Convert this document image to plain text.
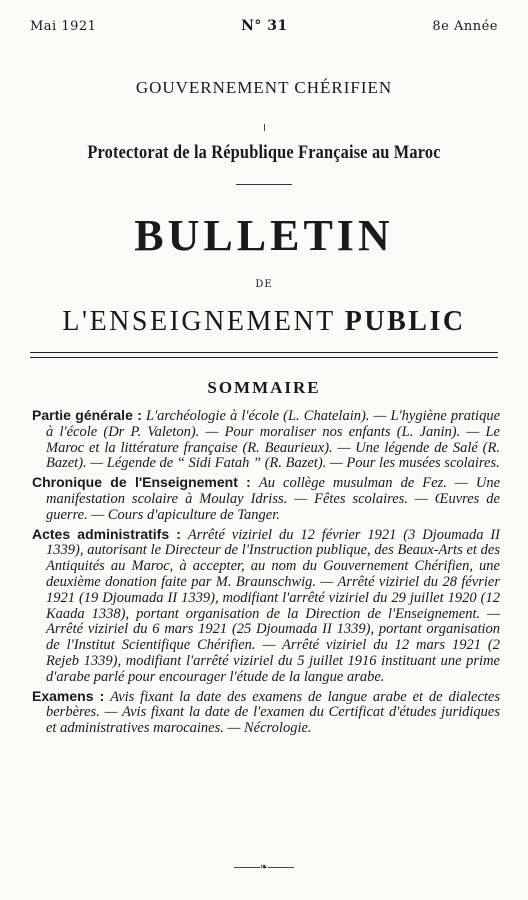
Mai 1921	N° 31	8e Année
GOUVERNEMENT CHÉRIFIEN
Protectorat de la République Française au Maroc
BULLETIN
DE
L'ENSEIGNEMENT PUBLIC
SOMMAIRE

Partie générale : L'archéologie à l'école (L. Chatelain). — L'hygiène pratique à l'école (Dr P. Valeton). — Pour moraliser nos enfants (L. Janin). — Le Maroc et la littérature française (R. Beaurieux). — Une légende de Salé (R. Bazet). — Légende de “ Sidi Fatah ” (R. Bazet). — Pour les musées scolaires.

Chronique de l'Enseignement : Au collège musulman de Fez. — Une manifestation scolaire à Moulay Idriss. — Fêtes scolaires. — Œuvres de guerre. — Cours d'apiculture de Tanger.

Actes administratifs : Arrêté viziriel du 12 février 1921 (3 Djoumada II 1339), autorisant le Directeur de l'Instruction publique, des Beaux-Arts et des Antiquités au Maroc, à accepter, au nom du Gouvernement Chérifien, une deuxième donation faite par M. Braunschwig. — Arrêté viziriel du 28 février 1921 (19 Djoumada II 1339), modifiant l'arrêté viziriel du 29 juillet 1920 (12 Kaada 1338), portant organisation de la Direction de l'Enseignement. — Arrêté viziriel du 6 mars 1921 (25 Djoumada II 1339), portant organisation de l'Institut Scientifique Chérifien. — Arrêté viziriel du 12 mars 1921 (2 Rejeb 1339), modifiant l'arrêté viziriel du 5 juillet 1916 instituant une prime d'arabe parlé pour encourager l'étude de la langue arabe.

Examens : Avis fixant la date des examens de langue arabe et de dialectes berbères. — Avis fixant la date de l'examen du Certificat d'études juridiques et administratives marocaines. — Nécrologie.

❧
